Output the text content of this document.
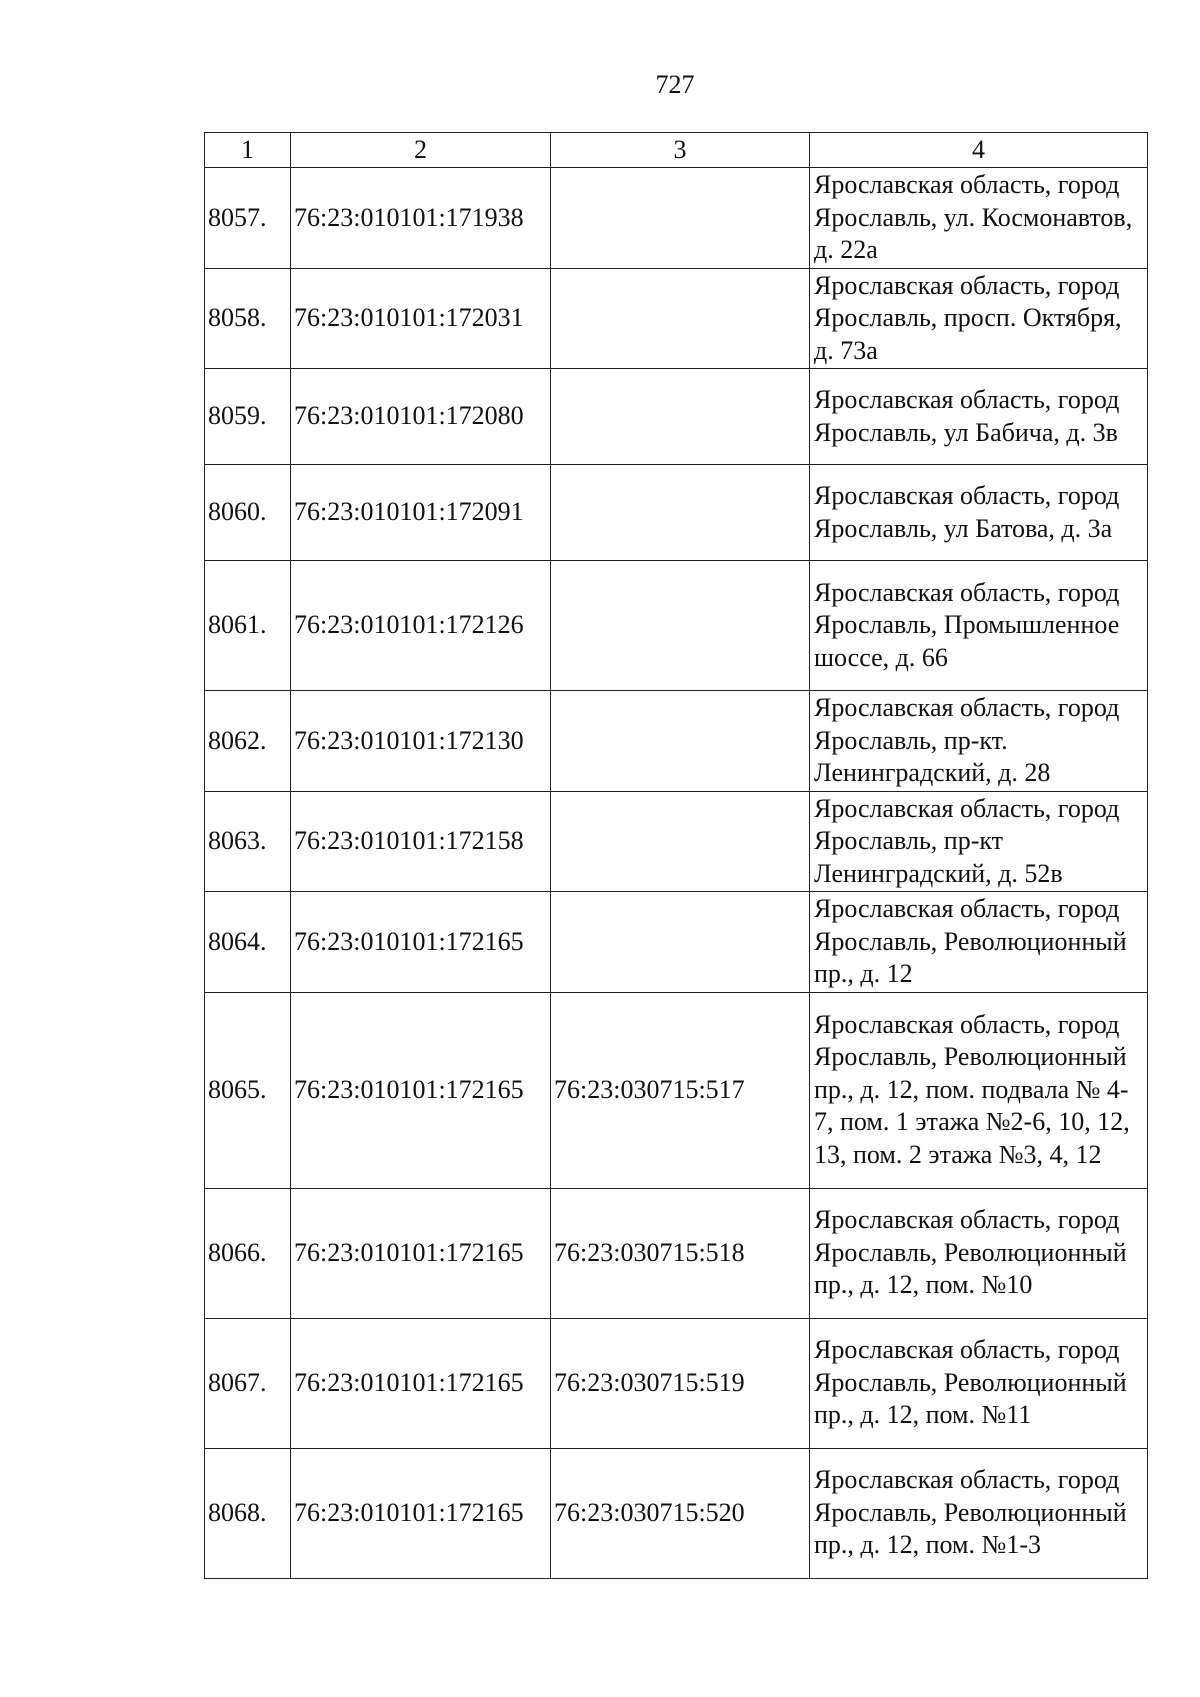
727
1	2	3	4
8057.	76:23:010101:171938		Ярославская область, город Ярославль, ул. Космонавтов, д. 22а
8058.	76:23:010101:172031		Ярославская область, город Ярославль, просп. Октября, д. 73а
8059.	76:23:010101:172080		Ярославская область, город Ярославль, ул Бабича, д. 3в
8060.	76:23:010101:172091		Ярославская область, город Ярославль, ул Батова, д. 3а
8061.	76:23:010101:172126		Ярославская область, город Ярославль, Промышленное шоссе, д. 66
8062.	76:23:010101:172130		Ярославская область, город Ярославль, пр-кт. Ленинградский, д. 28
8063.	76:23:010101:172158		Ярославская область, город Ярославль, пр-кт Ленинградский, д. 52в
8064.	76:23:010101:172165		Ярославская область, город Ярославль, Революционный пр., д. 12
8065.	76:23:010101:172165	76:23:030715:517	Ярославская область, город Ярославль, Революционный пр., д. 12, пом. подвала № 4-7, пом. 1 этажа №2-6, 10, 12, 13, пом. 2 этажа №3, 4, 12
8066.	76:23:010101:172165	76:23:030715:518	Ярославская область, город Ярославль, Революционный пр., д. 12, пом. №10
8067.	76:23:010101:172165	76:23:030715:519	Ярославская область, город Ярославль, Революционный пр., д. 12, пом. №11
8068.	76:23:010101:172165	76:23:030715:520	Ярославская область, город Ярославль, Революционный пр., д. 12, пом. №1-3
